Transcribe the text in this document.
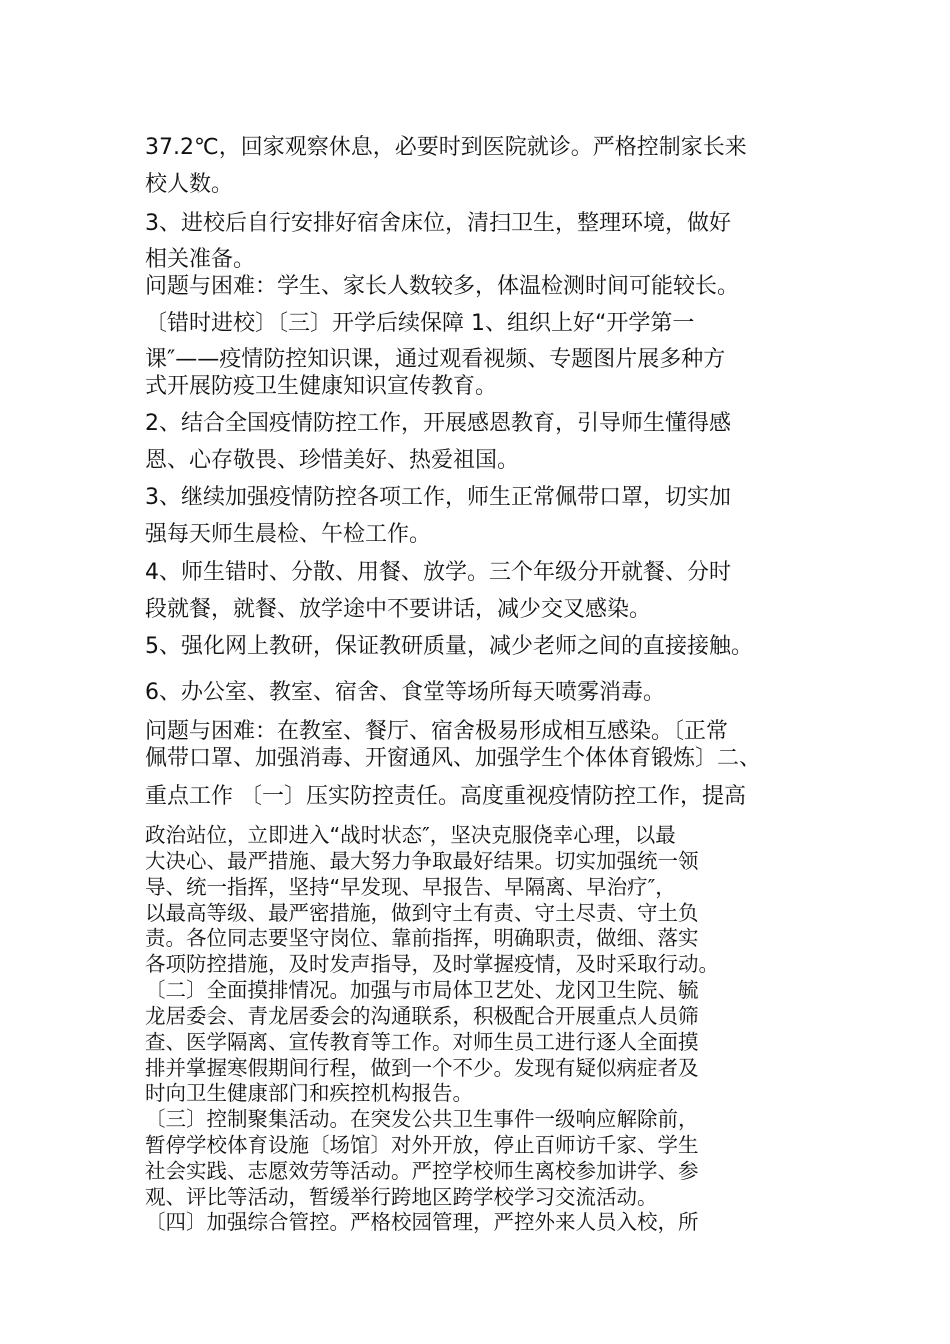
37.2℃，回家观察休息，必要时到医院就诊。严格控制家长来
校人数。
3、进校后自行安排好宿舍床位，清扫卫生，整理环境，做好
相关准备。
问题与困难：学生、家长人数较多，体温检测时间可能较长。
〔错时进校〕〔三〕开学后续保障 1、组织上好“开学第一
课″——疫情防控知识课，通过观看视频、专题图片展多种方
式开展防疫卫生健康知识宣传教育。
2、结合全国疫情防控工作，开展感恩教育，引导师生懂得感
恩、心存敬畏、珍惜美好、热爱祖国。
3、继续加强疫情防控各项工作，师生正常佩带口罩，切实加
强每天师生晨检、午检工作。
4、师生错时、分散、用餐、放学。三个年级分开就餐、分时
段就餐，就餐、放学途中不要讲话，减少交叉感染。
5、强化网上教研，保证教研质量，减少老师之间的直接接触。
6、办公室、教室、宿舍、食堂等场所每天喷雾消毒。
问题与困难：在教室、餐厅、宿舍极易形成相互感染。〔正常
佩带口罩、加强消毒、开窗通风、加强学生个体体育锻炼〕二、
重点工作 〔一〕压实防控责任。高度重视疫情防控工作，提高
政治站位，立即进入“战时状态″，坚决克服侥幸心理，以最
大决心、最严措施、最大努力争取最好结果。切实加强统一领
导、统一指挥，坚持“早发现、早报告、早隔离、早治疗″，
以最高等级、最严密措施，做到守土有责、守土尽责、守土负
责。各位同志要坚守岗位、靠前指挥，明确职责，做细、落实
各项防控措施，及时发声指导，及时掌握疫情，及时采取行动。
〔二〕全面摸排情况。加强与市局体卫艺处、龙冈卫生院、毓
龙居委会、青龙居委会的沟通联系，积极配合开展重点人员筛
查、医学隔离、宣传教育等工作。对师生员工进行逐人全面摸
排并掌握寒假期间行程，做到一个不少。发现有疑似病症者及
时向卫生健康部门和疾控机构报告。
〔三〕控制聚集活动。在突发公共卫生事件一级响应解除前，
暂停学校体育设施〔场馆〕对外开放，停止百师访千家、学生
社会实践、志愿效劳等活动。严控学校师生离校参加讲学、参
观、评比等活动，暂缓举行跨地区跨学校学习交流活动。
〔四〕加强综合管控。严格校园管理，严控外来人员入校，所
